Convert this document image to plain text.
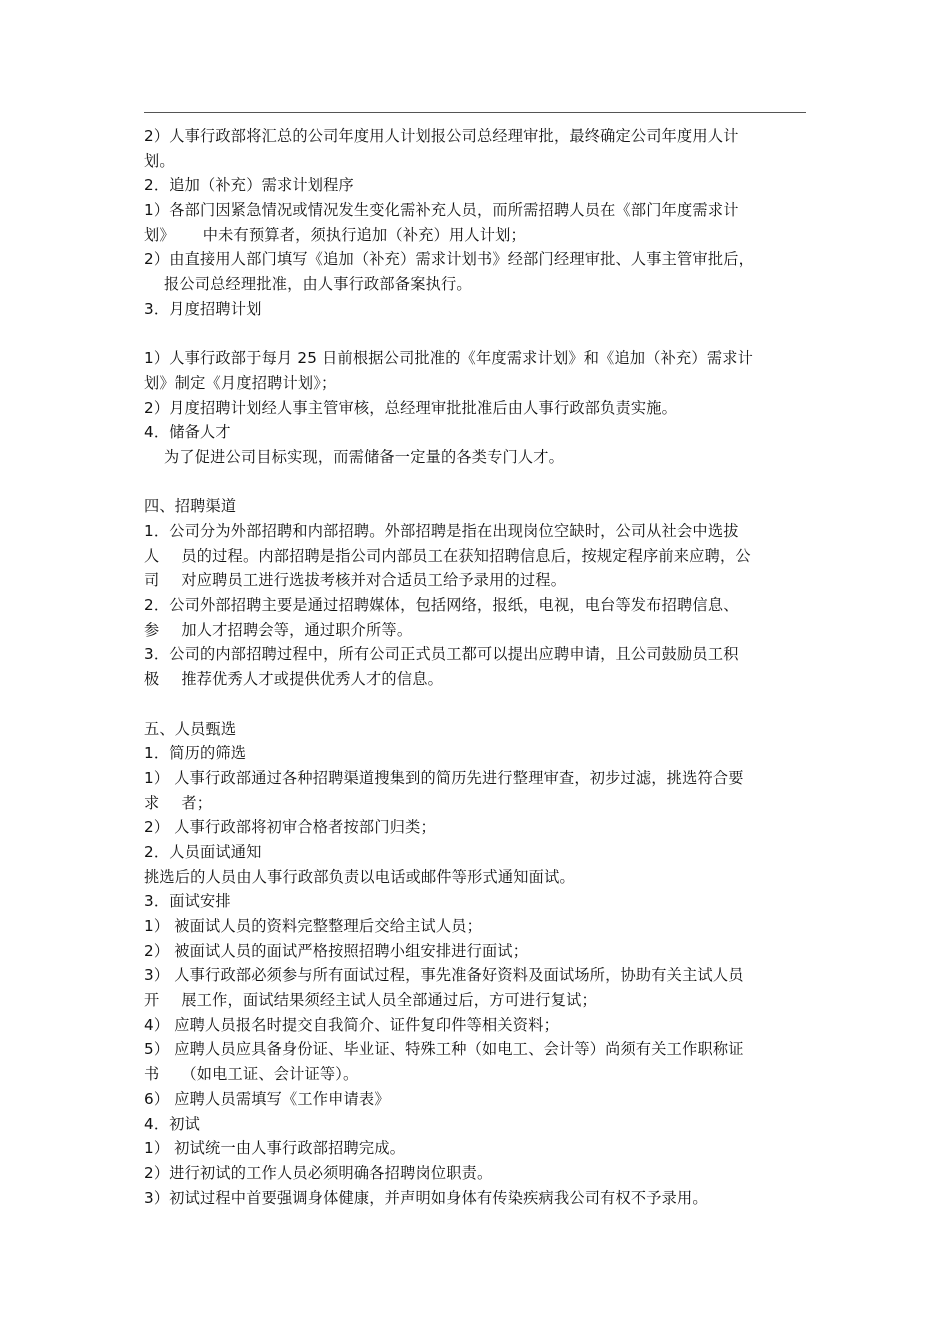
2）人事行政部将汇总的公司年度用人计划报公司总经理审批，最终确定公司年度用人计
划。
2．追加（补充）需求计划程序
1）各部门因紧急情况或情况发生变化需补充人员，而所需招聘人员在《部门年度需求计
划》 中未有预算者，须执行追加（补充）用人计划；
2）由直接用人部门填写《追加（补充）需求计划书》经部门经理审批、人事主管审批后，
报公司总经理批准，由人事行政部备案执行。
3．月度招聘计划
1）人事行政部于每月 25 日前根据公司批准的《年度需求计划》和《追加（补充）需求计
划》制定《月度招聘计划》；
2）月度招聘计划经人事主管审核，总经理审批批准后由人事行政部负责实施。
4．储备人才
为了促进公司目标实现，而需储备一定量的各类专门人才。
四、招聘渠道
1．公司分为外部招聘和内部招聘。外部招聘是指在出现岗位空缺时，公司从社会中选拔
人 员的过程。内部招聘是指公司内部员工在获知招聘信息后，按规定程序前来应聘，公
司 对应聘员工进行选拔考核并对合适员工给予录用的过程。
2．公司外部招聘主要是通过招聘媒体，包括网络，报纸，电视，电台等发布招聘信息、
参 加人才招聘会等，通过职介所等。
3．公司的内部招聘过程中，所有公司正式员工都可以提出应聘申请，且公司鼓励员工积
极 推荐优秀人才或提供优秀人才的信息。
五、人员甄选
1．简历的筛选
1） 人事行政部通过各种招聘渠道搜集到的简历先进行整理审查，初步过滤，挑选符合要
求 者；
2） 人事行政部将初审合格者按部门归类；
2．人员面试通知
挑选后的人员由人事行政部负责以电话或邮件等形式通知面试。
3．面试安排
1） 被面试人员的资料完整整理后交给主试人员；
2） 被面试人员的面试严格按照招聘小组安排进行面试；
3） 人事行政部必须参与所有面试过程，事先准备好资料及面试场所，协助有关主试人员
开 展工作，面试结果须经主试人员全部通过后，方可进行复试；
4） 应聘人员报名时提交自我简介、证件复印件等相关资料；
5） 应聘人员应具备身份证、毕业证、特殊工种（如电工、会计等）尚须有关工作职称证
书 （如电工证、会计证等）。
6） 应聘人员需填写《工作申请表》
4．初试
1） 初试统一由人事行政部招聘完成。
2）进行初试的工作人员必须明确各招聘岗位职责。
3）初试过程中首要强调身体健康，并声明如身体有传染疾病我公司有权不予录用。
